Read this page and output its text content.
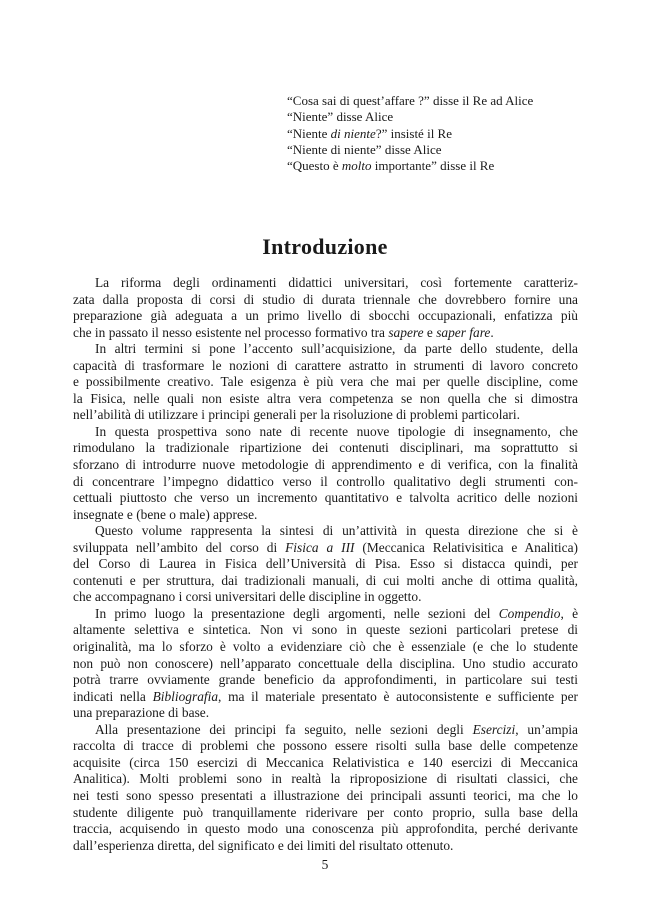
“Cosa sai di quest’affare ?” disse il Re ad Alice
“Niente” disse Alice
“Niente di niente?” insisté il Re
“Niente di niente” disse Alice
“Questo è molto importante” disse il Re
Introduzione
La riforma degli ordinamenti didattici universitari, così fortemente caratteriz-
zata dalla proposta di corsi di studio di durata triennale che dovrebbero fornire una
preparazione già adeguata a un primo livello di sbocchi occupazionali, enfatizza più
che in passato il nesso esistente nel processo formativo tra sapere e saper fare.
In altri termini si pone l’accento sull’acquisizione, da parte dello studente, della
capacità di trasformare le nozioni di carattere astratto in strumenti di lavoro concreto
e possibilmente creativo. Tale esigenza è più vera che mai per quelle discipline, come
la Fisica, nelle quali non esiste altra vera competenza se non quella che si dimostra
nell’abilità di utilizzare i principi generali per la risoluzione di problemi particolari.
In questa prospettiva sono nate di recente nuove tipologie di insegnamento, che
rimodulano la tradizionale ripartizione dei contenuti disciplinari, ma soprattutto si
sforzano di introdurre nuove metodologie di apprendimento e di verifica, con la finalità
di concentrare l’impegno didattico verso il controllo qualitativo degli strumenti con-
cettuali piuttosto che verso un incremento quantitativo e talvolta acritico delle nozioni
insegnate e (bene o male) apprese.
Questo volume rappresenta la sintesi di un’attività in questa direzione che si è
sviluppata nell’ambito del corso di Fisica a III (Meccanica Relativisitica e Analitica)
del Corso di Laurea in Fisica dell’Università di Pisa. Esso si distacca quindi, per
contenuti e per struttura, dai tradizionali manuali, di cui molti anche di ottima qualità,
che accompagnano i corsi universitari delle discipline in oggetto.
In primo luogo la presentazione degli argomenti, nelle sezioni del Compendio, è
altamente selettiva e sintetica. Non vi sono in queste sezioni particolari pretese di
originalità, ma lo sforzo è volto a evidenziare ciò che è essenziale (e che lo studente
non può non conoscere) nell’apparato concettuale della disciplina. Uno studio accurato
potrà trarre ovviamente grande beneficio da approfondimenti, in particolare sui testi
indicati nella Bibliografia, ma il materiale presentato è autoconsistente e sufficiente per
una preparazione di base.
Alla presentazione dei principi fa seguito, nelle sezioni degli Esercizi, un’ampia
raccolta di tracce di problemi che possono essere risolti sulla base delle competenze
acquisite (circa 150 esercizi di Meccanica Relativistica e 140 esercizi di Meccanica
Analitica). Molti problemi sono in realtà la riproposizione di risultati classici, che
nei testi sono spesso presentati a illustrazione dei principali assunti teorici, ma che lo
studente diligente può tranquillamente riderivare per conto proprio, sulla base della
traccia, acquisendo in questo modo una conoscenza più approfondita, perché derivante
dall’esperienza diretta, del significato e dei limiti del risultato ottenuto.
5
